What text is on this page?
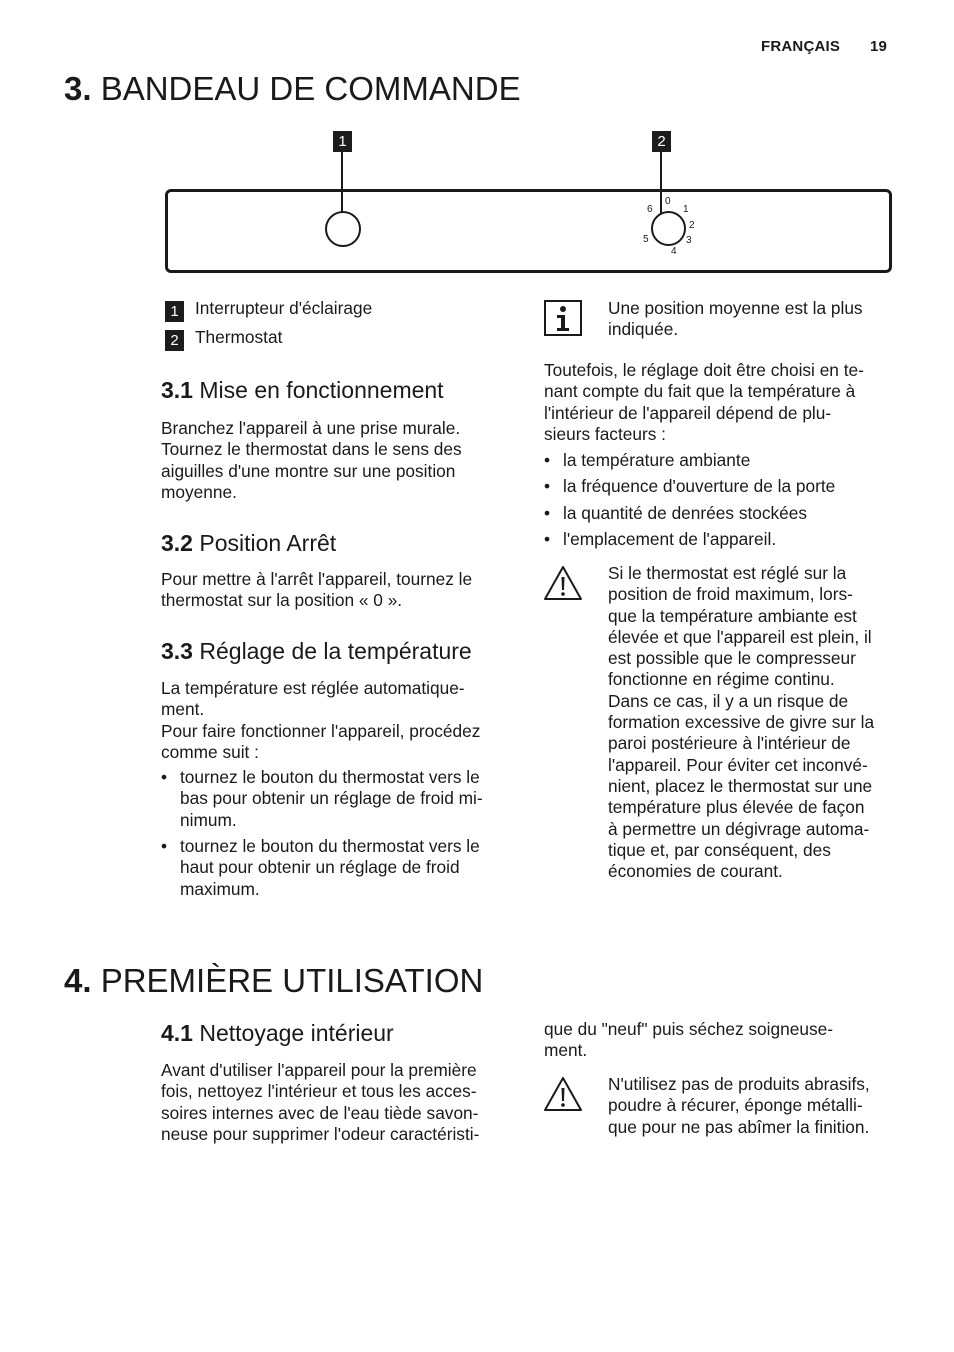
FRANÇAIS 19
3. BANDEAU DE COMMANDE
1	2
0
1
2
3
4
5
6
1 Interrupteur d'éclairage
2 Thermostat
3.1 Mise en fonctionnement
Branchez l'appareil à une prise murale.
Tournez le thermostat dans le sens des
aiguilles d'une montre sur une position
moyenne.
3.2 Position Arrêt
Pour mettre à l'arrêt l'appareil, tournez le
thermostat sur la position « 0 ».
3.3 Réglage de la température
La température est réglée automatique-
ment.
Pour faire fonctionner l'appareil, procédez
comme suit :
• tournez le bouton du thermostat vers le
bas pour obtenir un réglage de froid mi-
nimum.
• tournez le bouton du thermostat vers le
haut pour obtenir un réglage de froid
maximum.
Une position moyenne est la plus
indiquée.
Toutefois, le réglage doit être choisi en te-
nant compte du fait que la température à
l'intérieur de l'appareil dépend de plu-
sieurs facteurs :
• la température ambiante
• la fréquence d'ouverture de la porte
• la quantité de denrées stockées
• l'emplacement de l'appareil.
Si le thermostat est réglé sur la
position de froid maximum, lors-
que la température ambiante est
élevée et que l'appareil est plein, il
est possible que le compresseur
fonctionne en régime continu.
Dans ce cas, il y a un risque de
formation excessive de givre sur la
paroi postérieure à l'intérieur de
l'appareil. Pour éviter cet inconvé-
nient, placez le thermostat sur une
température plus élevée de façon
à permettre un dégivrage automa-
tique et, par conséquent, des
économies de courant.
4. PREMIÈRE UTILISATION
4.1 Nettoyage intérieur
Avant d'utiliser l'appareil pour la première
fois, nettoyez l'intérieur et tous les acces-
soires internes avec de l'eau tiède savon-
neuse pour supprimer l'odeur caractéristi-
que du "neuf" puis séchez soigneuse-
ment.
N'utilisez pas de produits abrasifs,
poudre à récurer, éponge métalli-
que pour ne pas abîmer la finition.
